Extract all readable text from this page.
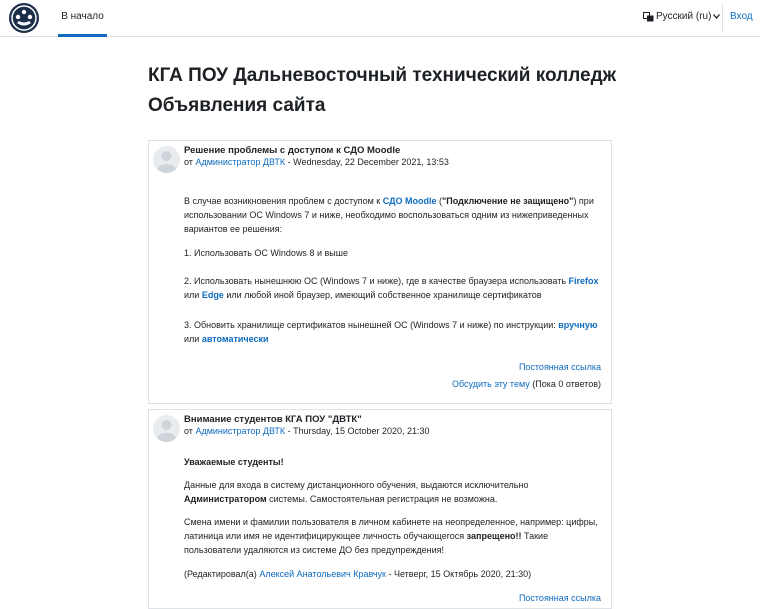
В начало	Русский (ru) Вход
КГА ПОУ Дальневосточный технический колледж
Объявления сайта
Решение проблемы с доступом к СДО Moodle
от Администратор ДВТК - Wednesday, 22 December 2021, 13:53

В случае возникновения проблем с доступом к СДО Moodle ("Подключение не защищено") при использовании ОС Windows 7 и ниже, необходимо воспользоваться одним из нижеприведенных вариантов ее решения:

1. Использовать ОС Windows 8 и выше

2. Использовать нынешнюю ОС (Windows 7 и ниже), где в качестве браузера использовать Firefox или Edge или любой иной браузер, имеющий собственное хранилище сертификатов

3. Обновить хранилище сертификатов нынешней ОС (Windows 7 и ниже) по инструкции: вручную или автоматически

Постоянная ссылка
Обсудить эту тему (Пока 0 ответов)
Внимание студентов КГА ПОУ "ДВТК"
от Администратор ДВТК - Thursday, 15 October 2020, 21:30

Уважаемые студенты!

Данные для входа в систему дистанционного обучения, выдаются исключительно Администратором системы. Самостоятельная регистрация не возможна.

Смена имени и фамилии пользователя в личном кабинете на неопределенное, например: цифры, латиница или имя не идентифицирующее личность обучающегося запрещено!! Такие пользователи удаляются из системе ДО без предупреждения!

(Редактировал(а) Алексей Анатольевич Кравчук - Четверг, 15 Октябрь 2020, 21:30)

Постоянная ссылка
